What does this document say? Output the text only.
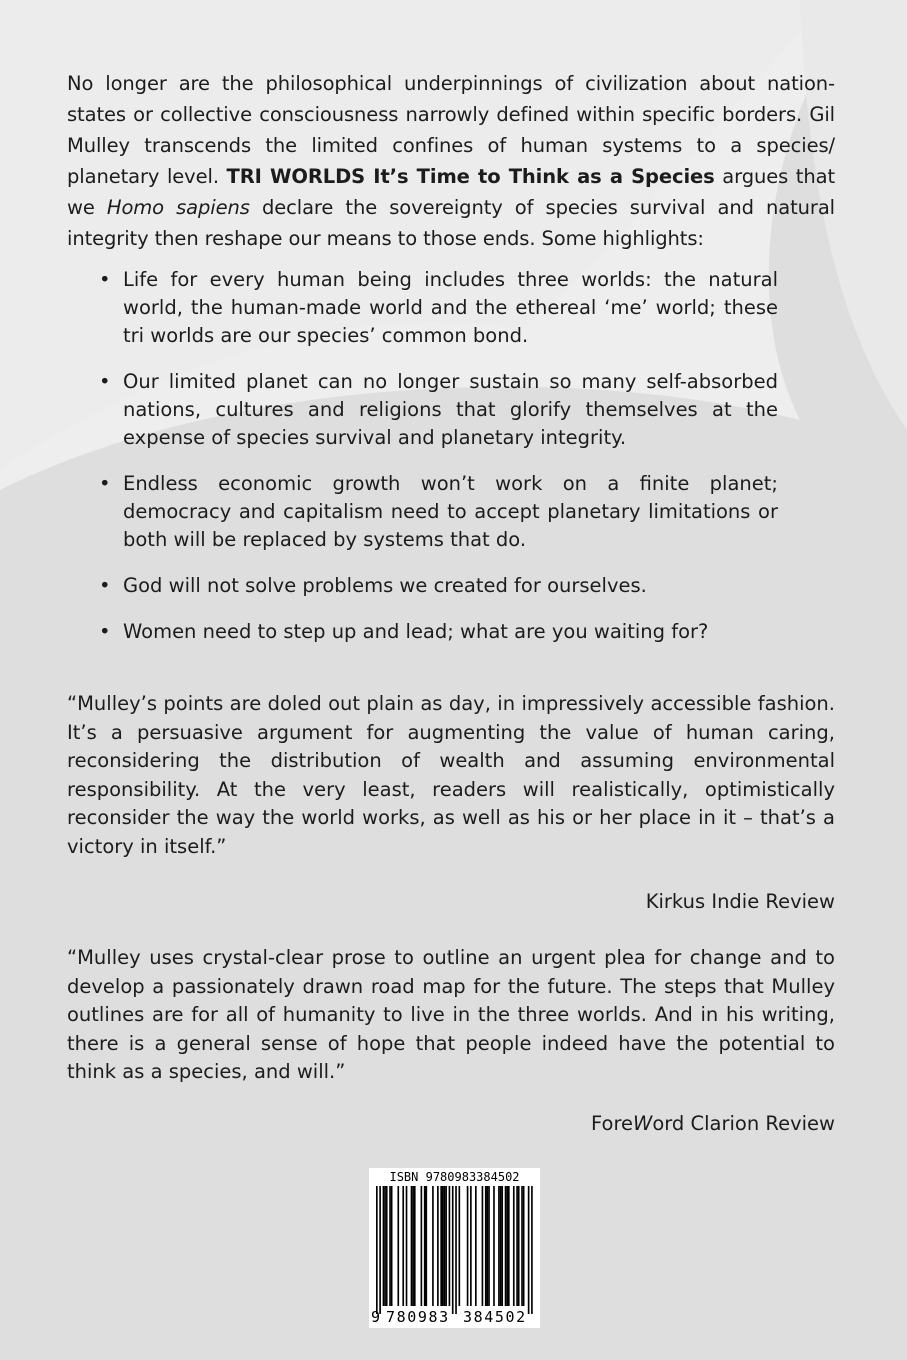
No longer are the philosophical underpinnings of civilization about nation-states or collective consciousness narrowly defined within specific borders. Gil Mulley transcends the limited confines of human systems to a species/ planetary level. TRI WORLDS It’s Time to Think as a Species argues that we Homo sapiens declare the sovereignty of species survival and natural integrity then reshape our means to those ends. Some highlights:

• Life for every human being includes three worlds: the natural world, the human-made world and the ethereal ‘me’ world; these tri worlds are our species’ common bond.
• Our limited planet can no longer sustain so many self-absorbed nations, cultures and religions that glorify themselves at the expense of species survival and planetary integrity.
• Endless economic growth won’t work on a finite planet; democracy and capitalism need to accept planetary limitations or both will be replaced by systems that do.
• God will not solve problems we created for ourselves.
• Women need to step up and lead; what are you waiting for?

“Mulley’s points are doled out plain as day, in impressively accessible fashion. It’s a persuasive argument for augmenting the value of human caring, reconsidering the distribution of wealth and assuming environmental responsibility. At the very least, readers will realistically, optimistically reconsider the way the world works, as well as his or her place in it – that’s a victory in itself.”

Kirkus Indie Review

“Mulley uses crystal-clear prose to outline an urgent plea for change and to develop a passionately drawn road map for the future. The steps that Mulley outlines are for all of humanity to live in the three worlds. And in his writing, there is a general sense of hope that people indeed have the potential to think as a species, and will.”

ForeWord Clarion Review

ISBN 9780983384502
9 780983 384502
